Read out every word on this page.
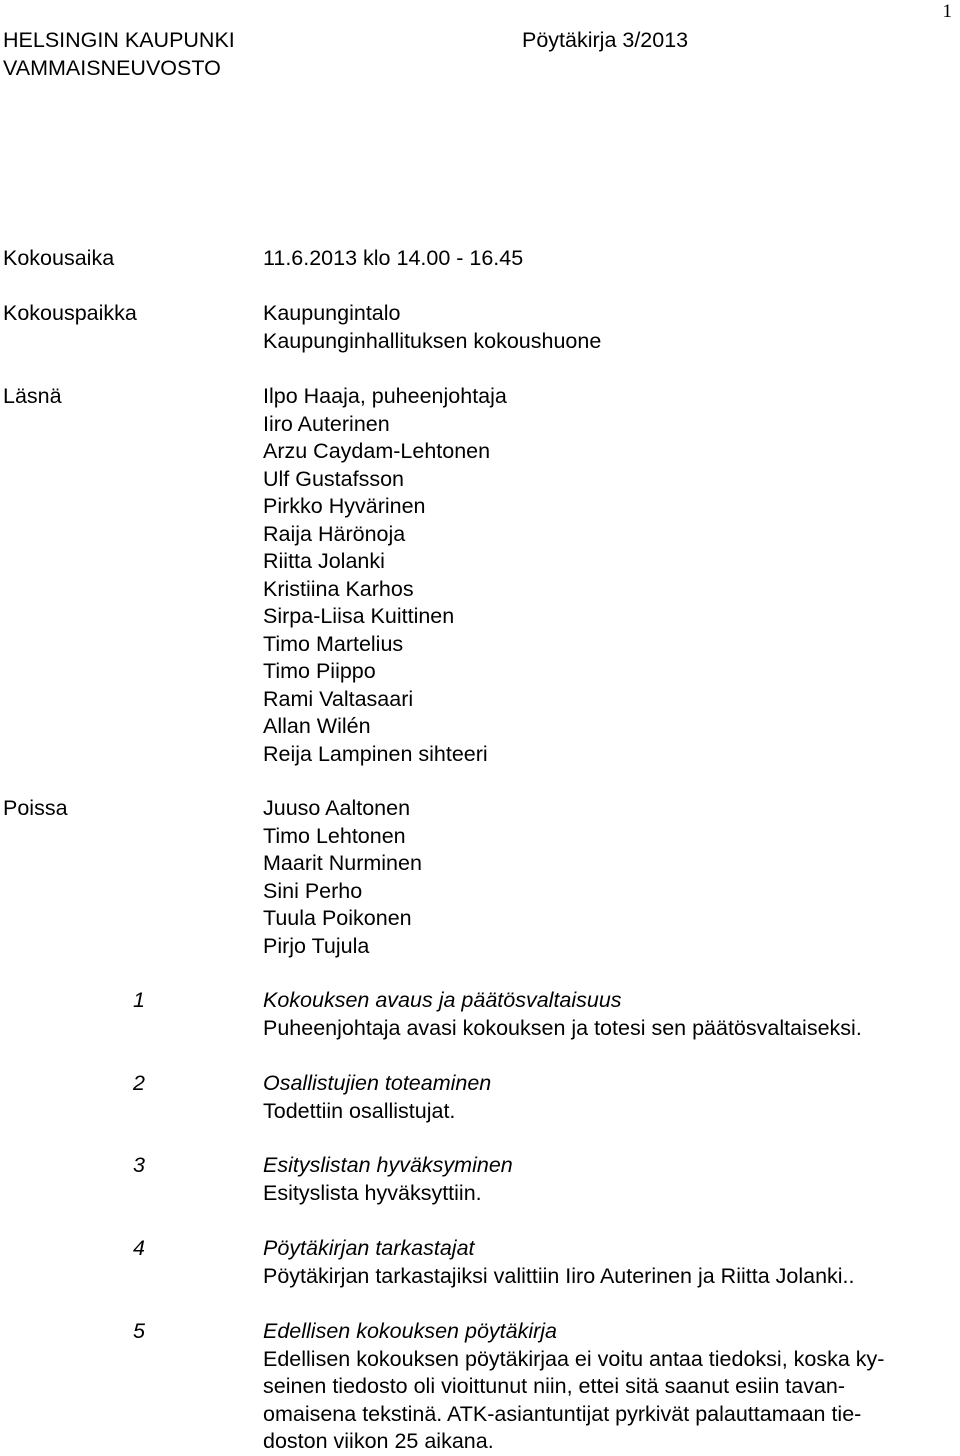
1
HELSINGIN KAUPUNKI
VAMMAISNEUVOSTO
Pöytäkirja 3/2013
Kokousaika	11.6.2013 klo 14.00 - 16.45
Kokouspaikka	Kaupungintalo
Kaupunginhallituksen kokoushuone
Läsnä	Ilpo Haaja, puheenjohtaja
Iiro Auterinen
Arzu Caydam-Lehtonen
Ulf Gustafsson
Pirkko Hyvärinen
Raija Härönoja
Riitta Jolanki
Kristiina Karhos
Sirpa-Liisa Kuittinen
Timo Martelius
Timo Piippo
Rami Valtasaari
Allan Wilén
Reija Lampinen sihteeri
Poissa	Juuso Aaltonen
Timo Lehtonen
Maarit Nurminen
Sini Perho
Tuula Poikonen
Pirjo Tujula
1	Kokouksen avaus ja päätösvaltaisuus
Puheenjohtaja avasi kokouksen ja totesi sen päätösvaltaiseksi.
2	Osallistujien toteaminen
Todettiin osallistujat.
3	Esityslistan hyväksyminen
Esityslista hyväksyttiin.
4	Pöytäkirjan tarkastajat
Pöytäkirjan tarkastajiksi valittiin Iiro Auterinen ja Riitta Jolanki..
5	Edellisen kokouksen pöytäkirja
Edellisen kokouksen pöytäkirjaa ei voitu antaa tiedoksi, koska ky-
seinen tiedosto oli vioittunut niin, ettei sitä saanut esiin tavan-
omaisena tekstinä. ATK-asiantuntijat pyrkivät palauttamaan tie-
doston viikon 25 aikana.
